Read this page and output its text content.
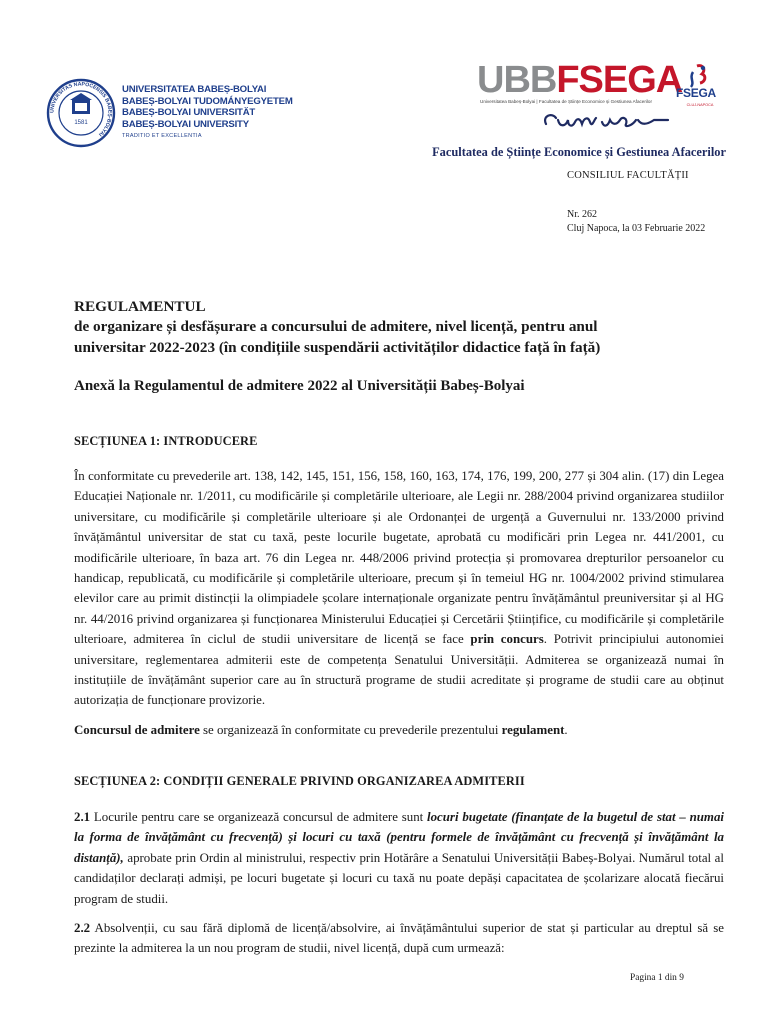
UNIVERSITAS NAPOCENSIS BABEȘ-BOLYAI
1581
UNIVERSITATEA BABEȘ-BOLYAI
BABEȘ-BOLYAI TUDOMÁNYEGYETEM
BABEȘ-BOLYAI UNIVERSITÄT
BABEȘ-BOLYAI UNIVERSITY
TRADITIO ET EXCELLENTIA
UBBFSEGA
Universitatea Babeș-Bolyai | Facultatea de Științe Economice și Gestiunea Afacerilor
CLUJ-NAPOCA
FSEGA
Facultatea de Științe Economice și Gestiunea Afacerilor
CONSILIUL FACULTĂȚII
Nr. 262
Cluj Napoca, la 03 Februarie 2022
REGULAMENTUL
de organizare și desfășurare a concursului de admitere, nivel licență, pentru anul
universitar 2022-2023 (în condițiile suspendării activităților didactice față în față)
Anexă la Regulamentul de admitere 2022 al Universității Babeș-Bolyai
SECȚIUNEA 1: INTRODUCERE
În conformitate cu prevederile art. 138, 142, 145, 151, 156, 158, 160, 163, 174, 176, 199, 200, 277 și 304 alin. (17) din Legea Educației Naționale nr. 1/2011, cu modificările și completările ulterioare, ale Legii nr. 288/2004 privind organizarea studiilor universitare, cu modificările și completările ulterioare și ale Ordonanței de urgență a Guvernului nr. 133/2000 privind învățământul universitar de stat cu taxă, peste locurile bugetate, aprobată cu modificări prin Legea nr. 441/2001, cu modificările ulterioare, în baza art. 76 din Legea nr. 448/2006 privind protecția și promovarea drepturilor persoanelor cu handicap, republicată, cu modificările și completările ulterioare, precum și în temeiul HG nr. 1004/2002 privind stimularea elevilor care au primit distincții la olimpiadele școlare internaționale organizate pentru învățământul preuniversitar și al HG nr. 44/2016 privind organizarea și funcționarea Ministerului Educației și Cercetării Științifice, cu modificările și completările ulterioare, admiterea în ciclul de studii universitare de licență se face prin concurs. Potrivit principiului autonomiei universitare, reglementarea admiterii este de competența Senatului Universității. Admiterea se organizează numai în instituțiile de învățământ superior care au în structură programe de studii acreditate și programe de studii care au obținut autorizația de funcționare provizorie.
Concursul de admitere se organizează în conformitate cu prevederile prezentului regulament.
SECȚIUNEA 2: CONDIȚII GENERALE PRIVIND ORGANIZAREA ADMITERII
2.1 Locurile pentru care se organizează concursul de admitere sunt locuri bugetate (finanțate de la bugetul de stat – numai la forma de învățământ cu frecvență) și locuri cu taxă (pentru formele de învățământ cu frecvență și învățământ la distanță), aprobate prin Ordin al ministrului, respectiv prin Hotărâre a Senatului Universității Babeș-Bolyai. Numărul total al candidaților declarați admiși, pe locuri bugetate și locuri cu taxă nu poate depăși capacitatea de școlarizare alocată fiecărui program de studii.
2.2 Absolvenții, cu sau fără diplomă de licență/absolvire, ai învățământului superior de stat și particular au dreptul să se prezinte la admiterea la un nou program de studii, nivel licență, după cum urmează:
Pagina 1 din 9
